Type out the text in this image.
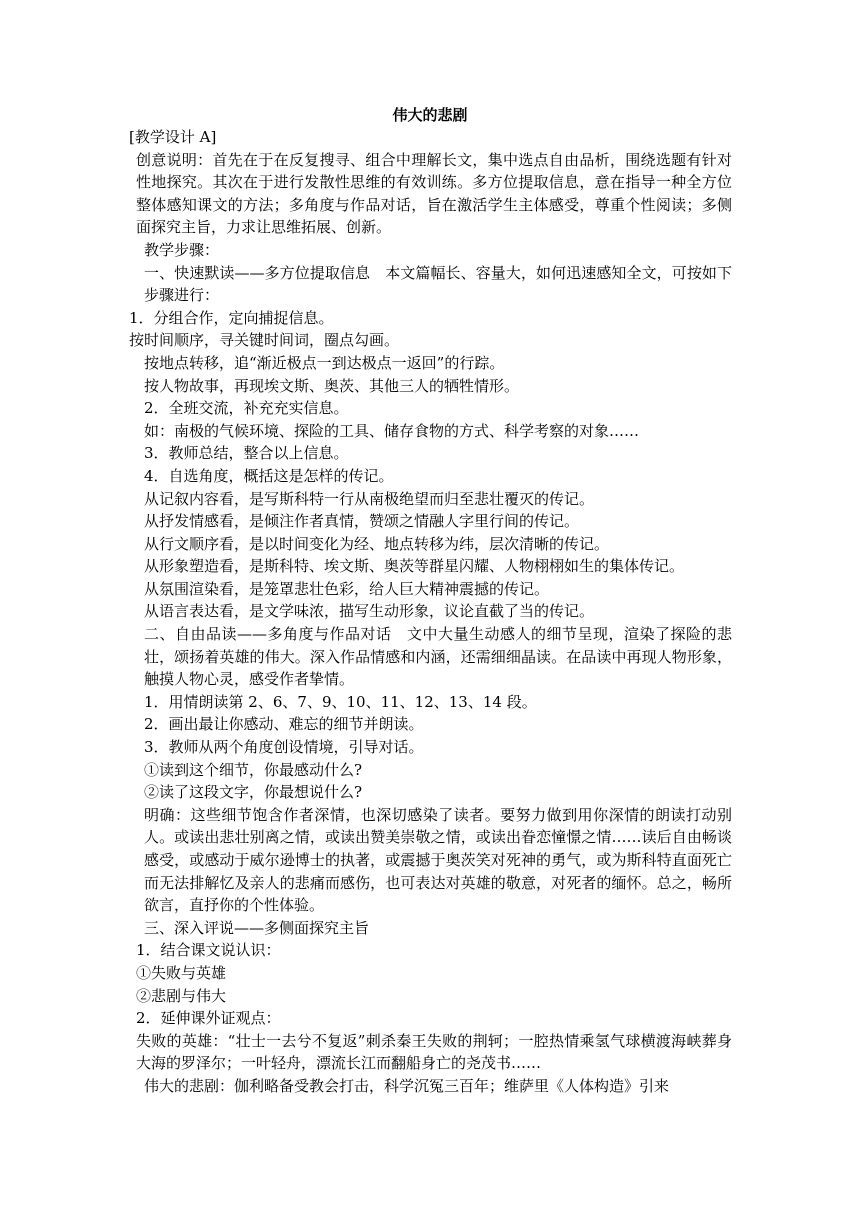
伟大的悲剧

[教学设计 A]

创意说明：首先在于在反复搜寻、组合中理解长文，集中选点自由品析，围绕选题有针对性地探究。其次在于进行发散性思维的有效训练。多方位提取信息，意在指导一种全方位整体感知课文的方法；多角度与作品对话，旨在激活学生主体感受，尊重个性阅读；多侧面探究主旨，力求让思维拓展、创新。

教学步骤：

一、快速默读——多方位提取信息　本文篇幅长、容量大，如何迅速感知全文，可按如下步骤进行：

1．分组合作，定向捕捉信息。

按时间顺序，寻关键时间词，圈点勾画。

按地点转移，追“渐近极点一到达极点一返回”的行踪。

按人物故事，再现埃文斯、奥茨、其他三人的牺牲情形。

2．全班交流，补充充实信息。

如：南极的气候环境、探险的工具、储存食物的方式、科学考察的对象……

3．教师总结，整合以上信息。

4．自选角度，概括这是怎样的传记。

从记叙内容看，是写斯科特一行从南极绝望而归至悲壮覆灭的传记。

从抒发情感看，是倾注作者真情，赞颂之情融人字里行间的传记。

从行文顺序看，是以时间变化为经、地点转移为纬，层次清晰的传记。

从形象塑造看，是斯科特、埃文斯、奥茨等群星闪耀、人物栩栩如生的集体传记。

从氛围渲染看，是笼罩悲壮色彩，给人巨大精神震撼的传记。

从语言表达看，是文学味浓，描写生动形象，议论直截了当的传记。

二、自由品读——多角度与作品对话　文中大量生动感人的细节呈现，渲染了探险的悲壮，颂扬着英雄的伟大。深入作品情感和内涵，还需细细晶读。在品读中再现人物形象，触摸人物心灵，感受作者挚情。

1．用情朗读第 2、6、7、9、10、11、12、13、14 段。

2．画出最让你感动、难忘的细节并朗读。

3．教师从两个角度创设情境，引导对话。

①读到这个细节，你最感动什么?

②读了这段文字，你最想说什么?

明确：这些细节饱含作者深情，也深切感染了读者。要努力做到用你深情的朗读打动别人。或读出悲壮别离之情，或读出赞美崇敬之情，或读出眷恋憧憬之情……读后自由畅谈感受，或感动于威尔逊博士的执著，或震撼于奥茨笑对死神的勇气，或为斯科特直面死亡而无法排解忆及亲人的悲痛而感伤，也可表达对英雄的敬意，对死者的缅怀。总之，畅所欲言，直抒你的个性体验。

三、深入评说——多侧面探究主旨

1．结合课文说认识：

①失败与英雄

②悲剧与伟大

2．延伸课外证观点：

失败的英雄：“壮士一去兮不复返”刺杀秦王失败的荆轲；一腔热情乘氢气球横渡海峡葬身大海的罗泽尔；一叶轻舟，漂流长江而翻船身亡的尧茂书……

伟大的悲剧：伽利略备受教会打击，科学沉冤三百年；维萨里《人体构造》引来
